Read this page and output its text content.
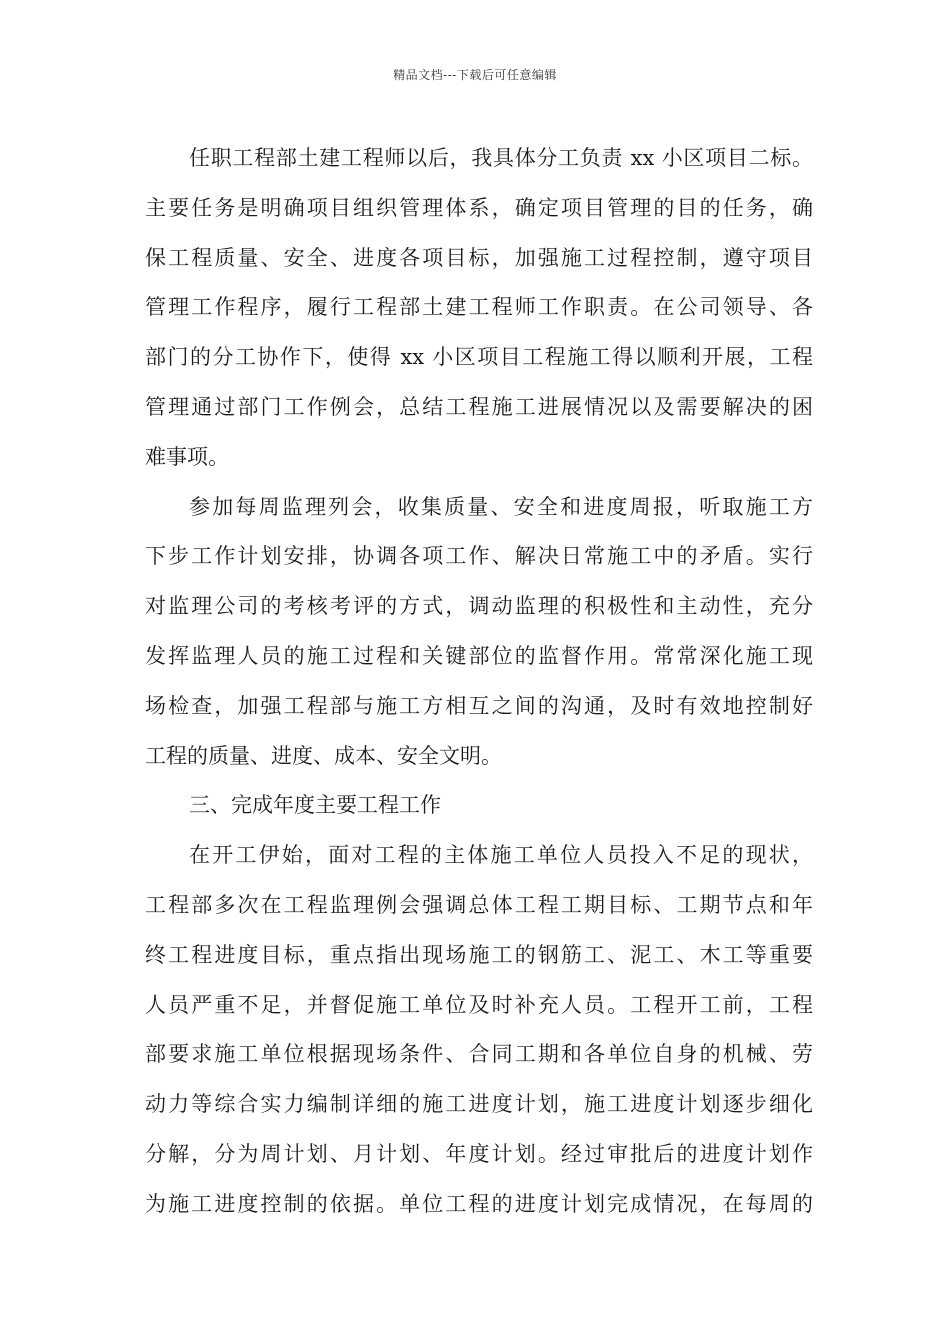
精品文档---下载后可任意编辑
任职工程部土建工程师以后，我具体分工负责 xx 小区项目二标。
主要任务是明确项目组织管理体系，确定项目管理的目的任务，确
保工程质量、安全、进度各项目标，加强施工过程控制，遵守项目
管理工作程序，履行工程部土建工程师工作职责。在公司领导、各
部门的分工协作下，使得 xx 小区项目工程施工得以顺利开展，工程
管理通过部门工作例会，总结工程施工进展情况以及需要解决的困
难事项。
参加每周监理列会，收集质量、安全和进度周报，听取施工方
下步工作计划安排，协调各项工作、解决日常施工中的矛盾。实行
对监理公司的考核考评的方式，调动监理的积极性和主动性，充分
发挥监理人员的施工过程和关键部位的监督作用。常常深化施工现
场检查，加强工程部与施工方相互之间的沟通，及时有效地控制好
工程的质量、进度、成本、安全文明。
三、完成年度主要工程工作
在开工伊始，面对工程的主体施工单位人员投入不足的现状，
工程部多次在工程监理例会强调总体工程工期目标、工期节点和年
终工程进度目标，重点指出现场施工的钢筋工、泥工、木工等重要
人员严重不足，并督促施工单位及时补充人员。工程开工前，工程
部要求施工单位根据现场条件、合同工期和各单位自身的机械、劳
动力等综合实力编制详细的施工进度计划，施工进度计划逐步细化
分解，分为周计划、月计划、年度计划。经过审批后的进度计划作
为施工进度控制的依据。单位工程的进度计划完成情况，在每周的
